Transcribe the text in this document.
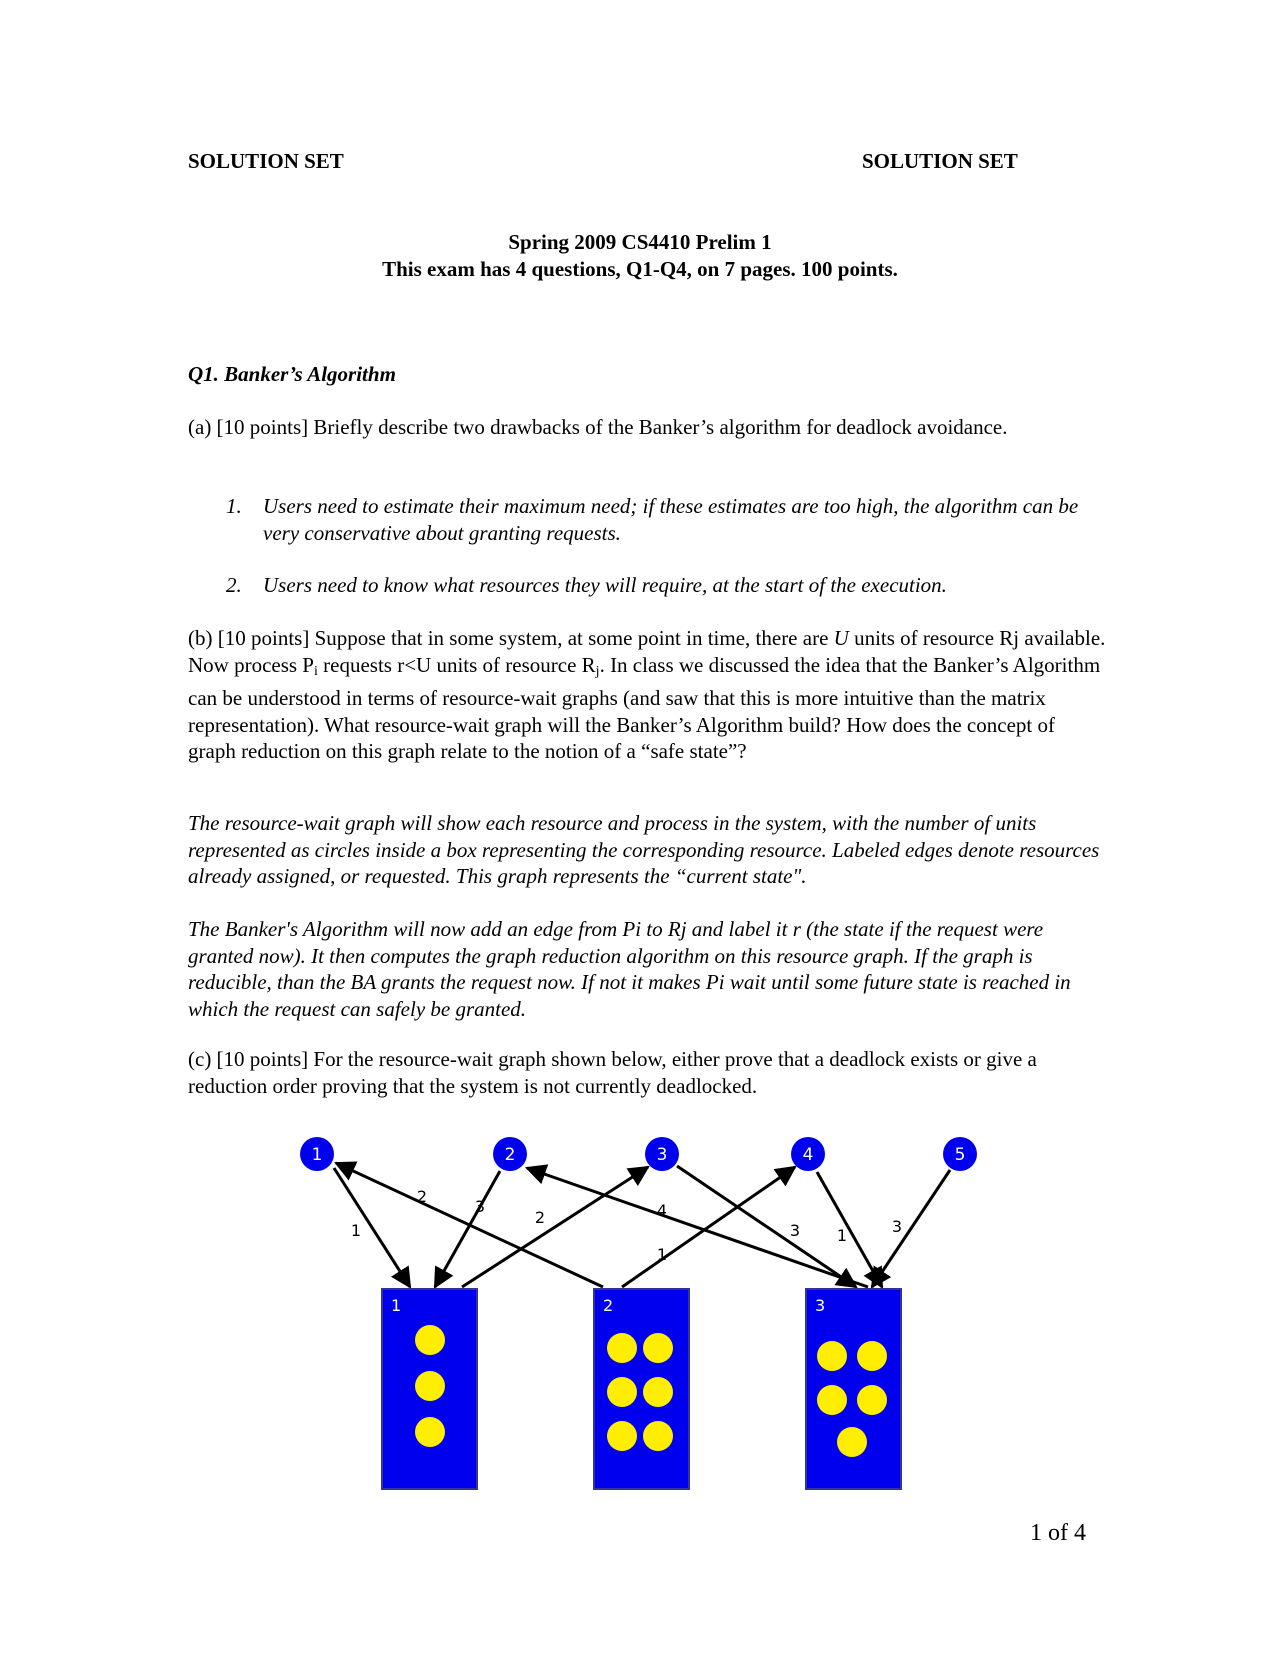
SOLUTION SET	SOLUTION SET
Spring 2009 CS4410 Prelim 1
This exam has 4 questions, Q1-Q4, on 7 pages. 100 points.
Q1. Banker’s Algorithm
(a) [10 points] Briefly describe two drawbacks of the Banker’s algorithm for deadlock avoidance.
1. Users need to estimate their maximum need; if these estimates are too high, the algorithm can be very conservative about granting requests.
2. Users need to know what resources they will require, at the start of the execution.
(b) [10 points] Suppose that in some system, at some point in time, there are U units of resource Rj available. Now process $P_i$ requests r<U units of resource $R_j$. In class we discussed the idea that the Banker’s Algorithm can be understood in terms of resource-wait graphs (and saw that this is more intuitive than the matrix representation). What resource-wait graph will the Banker’s Algorithm build? How does the concept of graph reduction on this graph relate to the notion of a “safe state”?
The resource-wait graph will show each resource and process in the system, with the number of units represented as circles inside a box representing the corresponding resource. Labeled edges denote resources already assigned, or requested. This graph represents the “current state".
The Banker's Algorithm will now add an edge from Pi to Rj and label it r (the state if the request were granted now). It then computes the graph reduction algorithm on this resource graph. If the graph is reducible, than the BA grants the request now. If not it makes Pi wait until some future state is reached in which the request can safely be granted.
(c) [10 points] For the resource-wait graph shown below, either prove that a deadlock exists or give a reduction order proving that the system is not currently deadlocked.
1
2
3
2	4
3
1
1	3
1	2	3
1	2	3	4	5
1 of 4
